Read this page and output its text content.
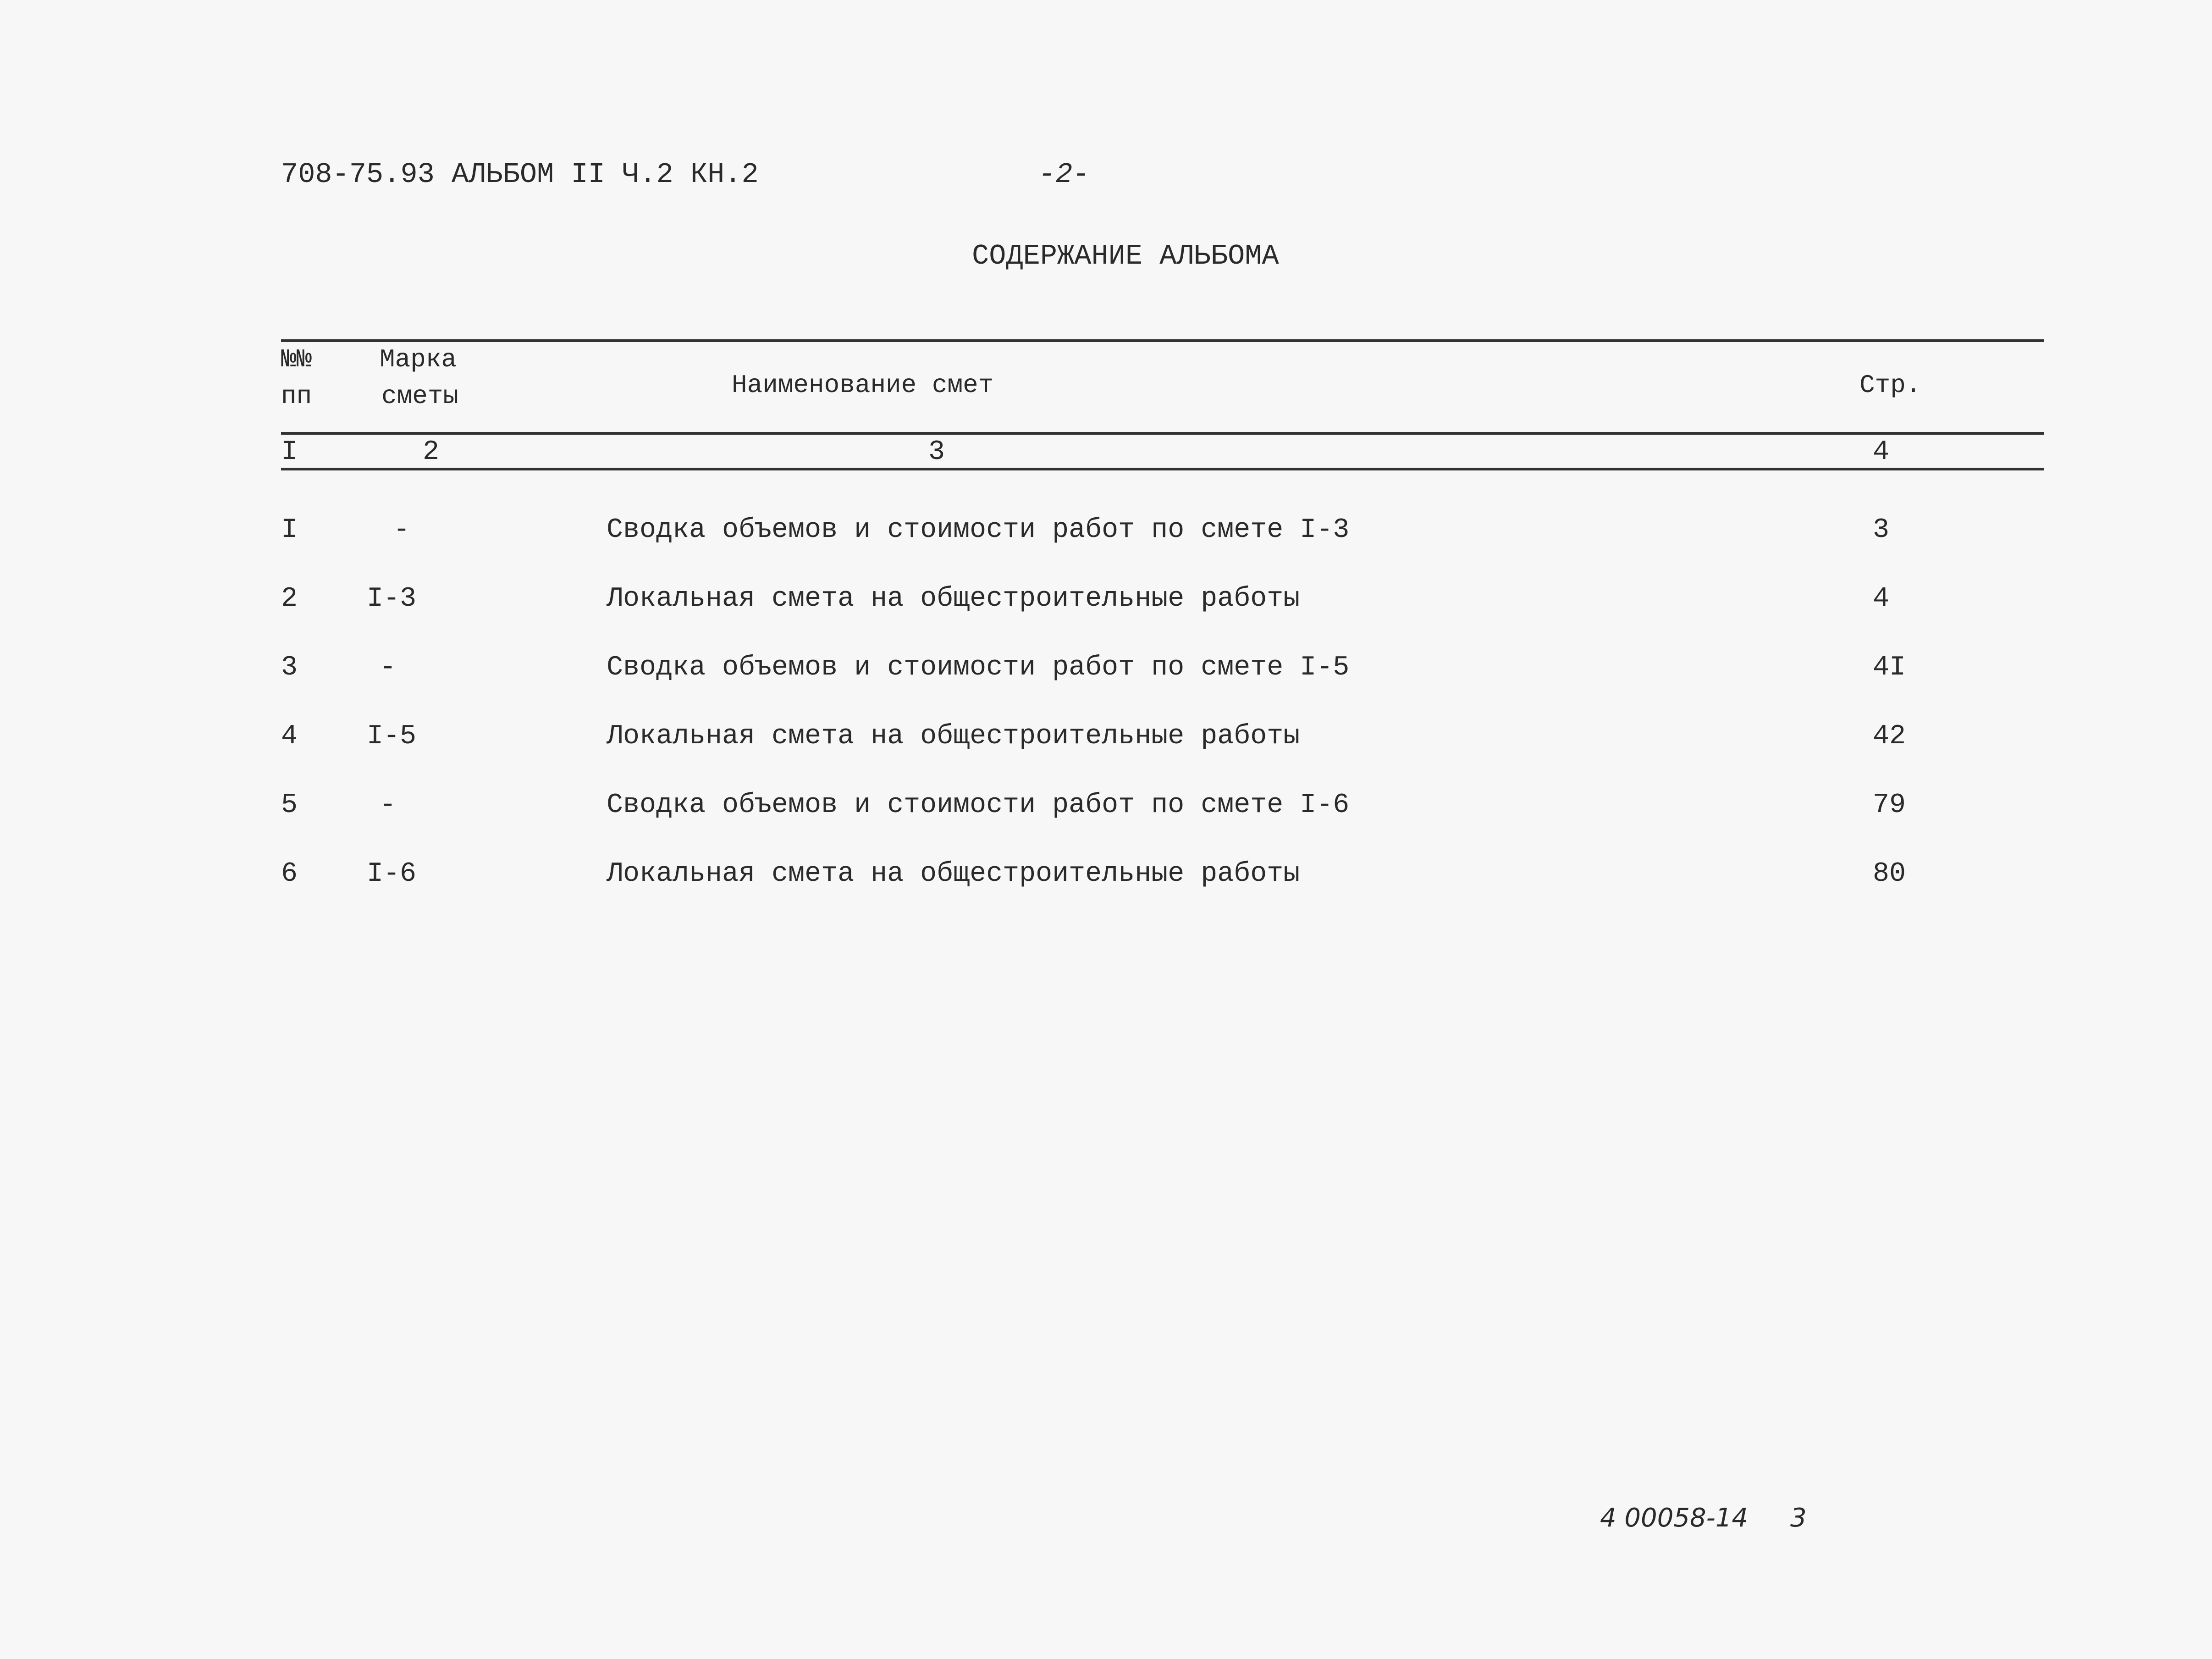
708-75.93 АЛЬБОМ II Ч.2 КН.2	-2-
СОДЕРЖАНИЕ АЛЬБОМА
№№
пп
Марка
сметы	Наименование смет	Стр.
I	2	3	4
I	-	Сводка объемов и стоимости работ по смете I-3	3
2	I-3	Локальная смета на общестроительные работы	4
3	-	Сводка объемов и стоимости работ по смете I-5	4I
4	I-5	Локальная смета на общестроительные работы	42
5	-	Сводка объемов и стоимости работ по смете I-6	79
6	I-6	Локальная смета на общестроительные работы	80
4 00058-14 3
